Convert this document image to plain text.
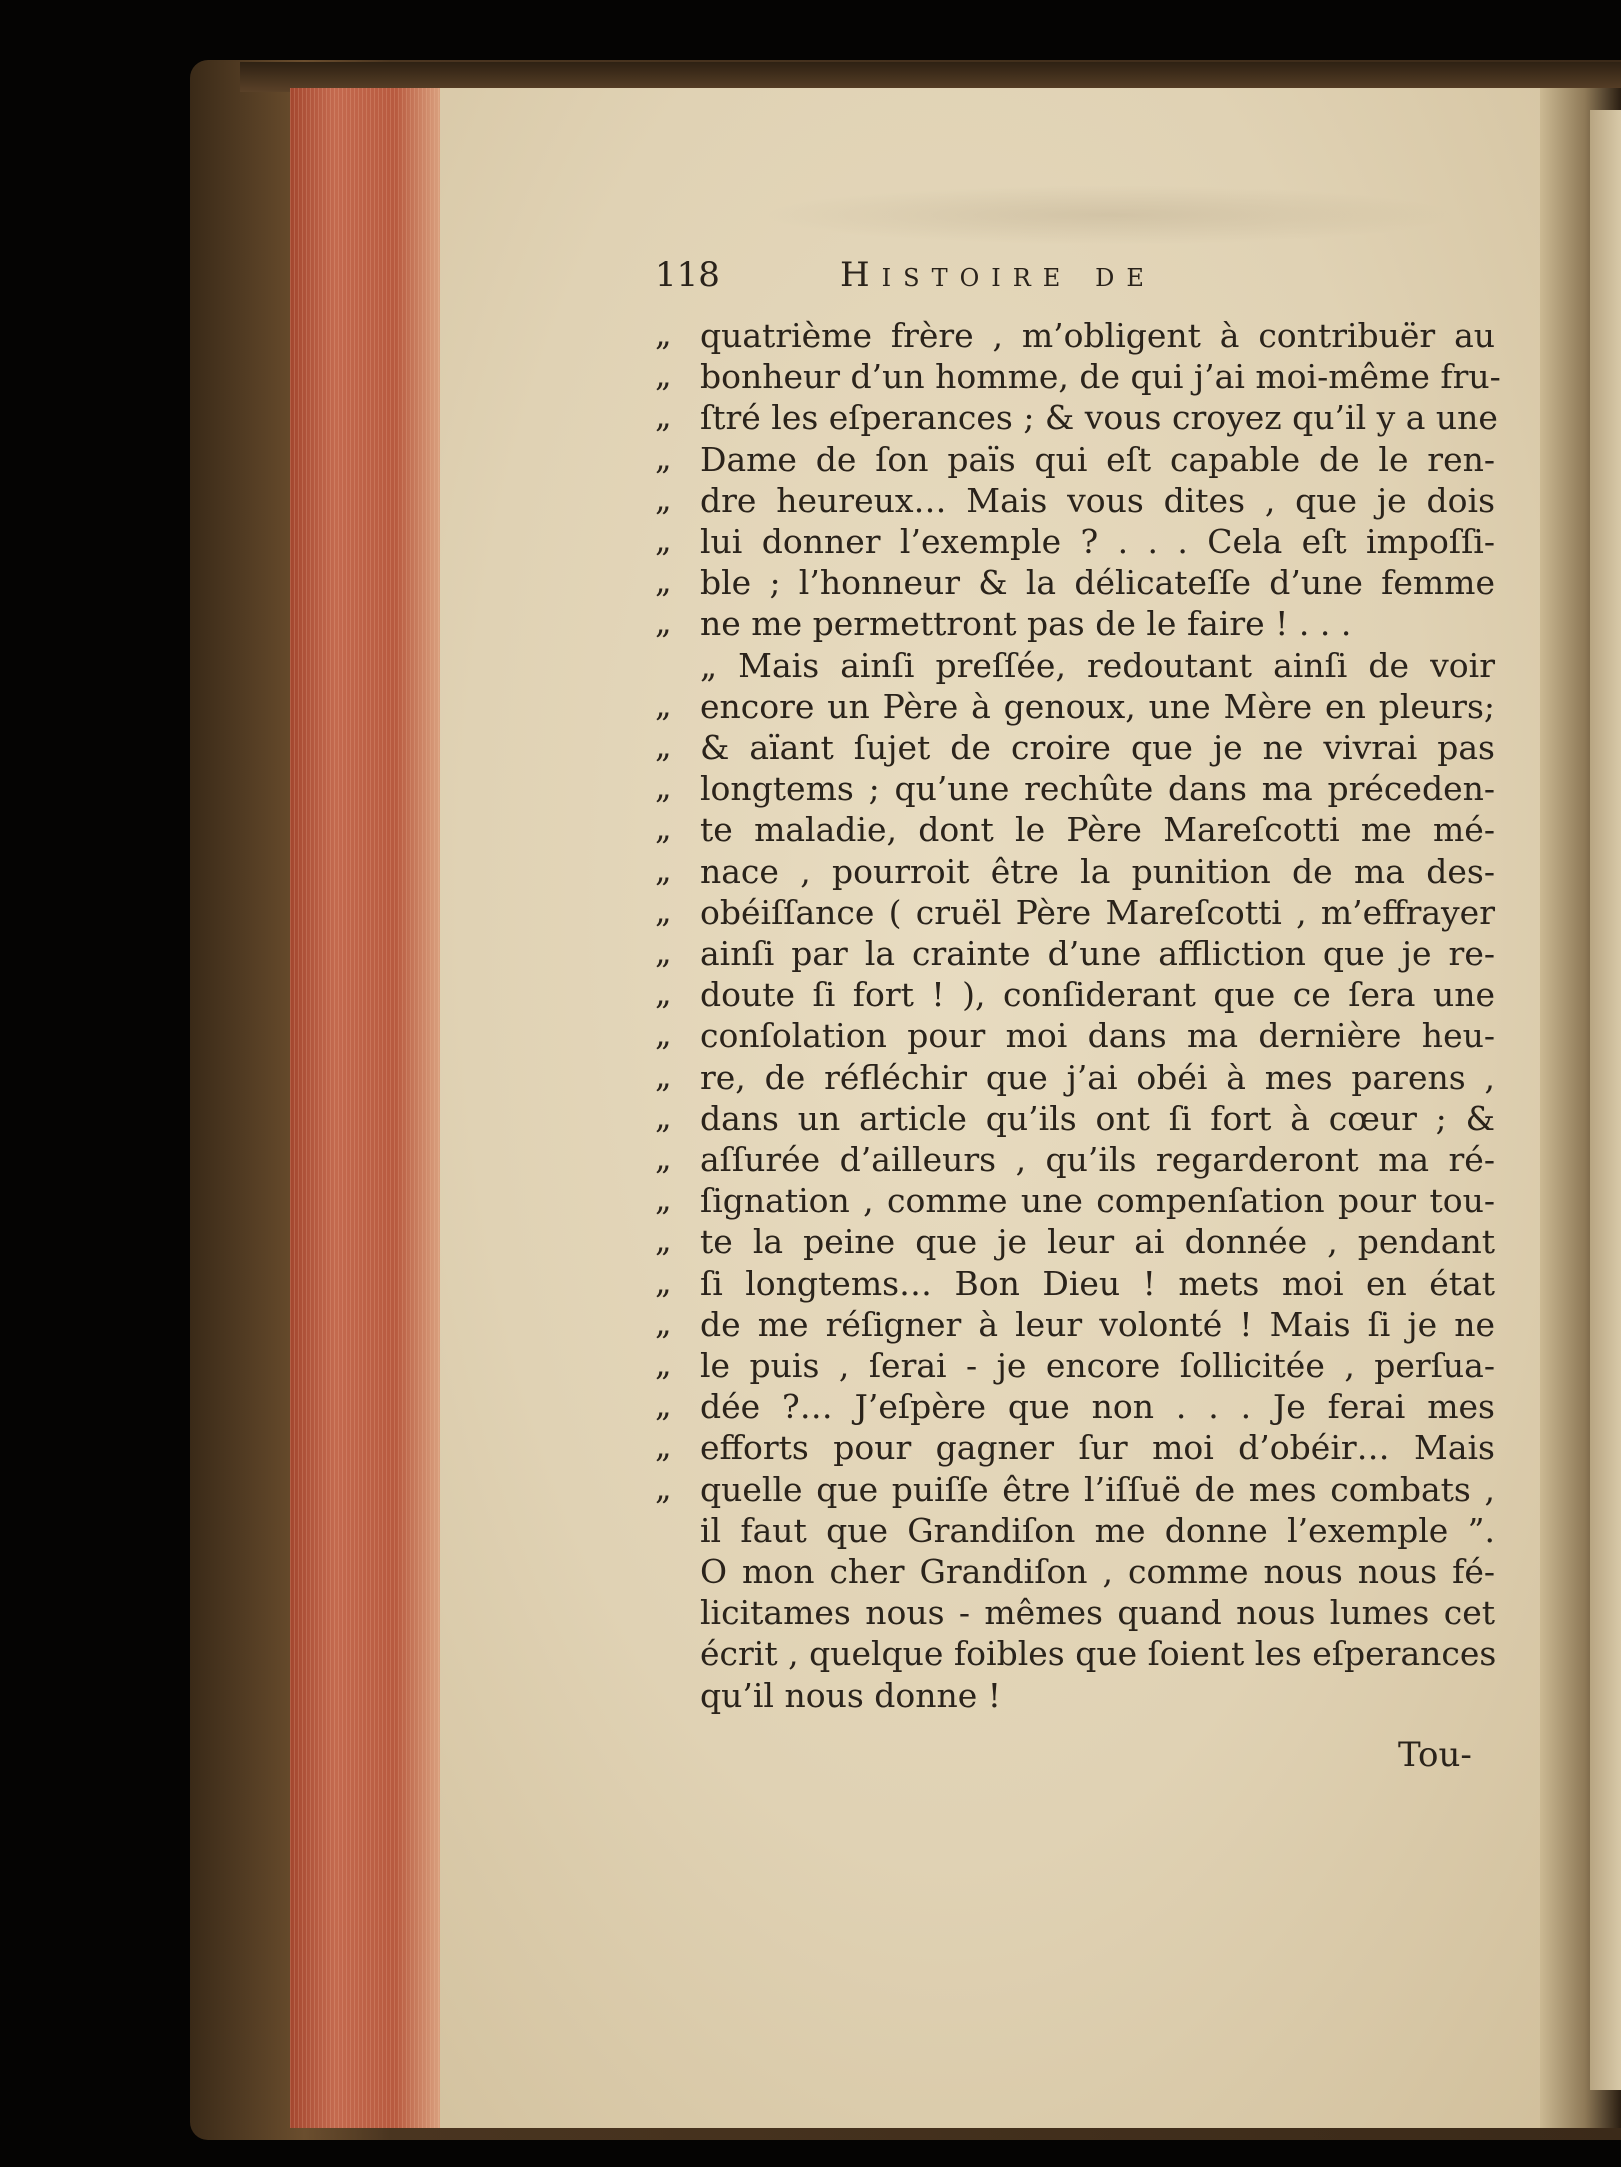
118	Histoire de
„
„
„
„
„
„
„
„
„
„
„
„
„
„
„
„
„
„
„
„
„
„
„
„
„
„
„
„
quatrième frère , m’obligent à contribuër au
bonheur d’un homme, de qui j’ai moi-même fru-
ſtré les eſperances ; & vous croyez qu’il y a une
Dame de ſon païs qui eſt capable de le ren-
dre heureux… Mais vous dites , que je dois
lui donner l’exemple ? . . . Cela eſt impoſſi-
ble ; l’honneur & la délicateſſe d’une femme
ne me permettront pas de le faire ! . . .
„ Mais ainſi preſſée, redoutant ainſi de voir
encore un Père à genoux, une Mère en pleurs;
& aïant ſujet de croire que je ne vivrai pas
longtems ; qu’une rechûte dans ma préceden-
te maladie, dont le Père Mareſcotti me mé-
nace , pourroit être la punition de ma des-
obéiſſance ( cruël Père Mareſcotti , m’effrayer
ainſi par la crainte d’une affliction que je re-
doute ſi fort ! ), conſiderant que ce ſera une
conſolation pour moi dans ma dernière heu-
re, de réfléchir que j’ai obéi à mes parens ,
dans un article qu’ils ont ſi fort à cœur ; &
aſſurée d’ailleurs , qu’ils regarderont ma ré-
ſignation , comme une compenſation pour tou-
te la peine que je leur ai donnée , pendant
ſi longtems… Bon Dieu ! mets moi en état
de me réſigner à leur volonté ! Mais ſi je ne
le puis , ſerai - je encore ſollicitée , perſua-
dée ?… J’eſpère que non . . . Je ferai mes
efforts pour gagner ſur moi d’obéir… Mais
quelle que puiſſe être l’iſſuë de mes combats ,
il faut que Grandiſon me donne l’exemple ”.
O mon cher Grandiſon , comme nous nous fé-
licitames nous - mêmes quand nous lumes cet
écrit , quelque foibles que ſoient les eſperances
qu’il nous donne !
Tou-
